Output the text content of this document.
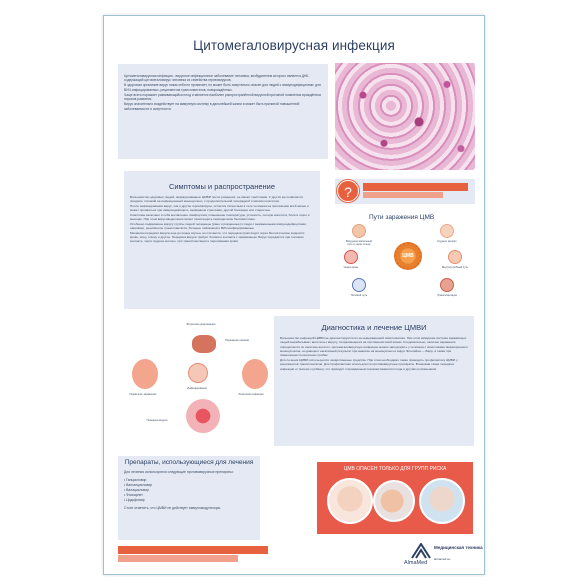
Цитомегаловирусная инфекция

Цитомегаловирусная инфекция - вирусное инфекционное заболевание человека, возбудителем которого является ДНК-содержащий цитомегаловирус человека из семейства герпесвирусов.

В здоровом организме вирус никак себя не проявляет, но может быть смертельно опасен для людей с иммунодефицитами: для ВИЧ-инфицированных, реципиентов трансплантатов, новорождённых.

Чаще всего поражает развивающийся плод и является наиболее распространённой вирусной причиной появления врождённых пороков развития.

Вирус значительно воздействует на иммунную систему в дальнейшей жизни и может быть причиной повышенной заболеваемости и смертности.

?
Симптомы и распространение

Большинство здоровых людей, инфицированных ЦМВИ после рождения, не имеют симптомов. У других же появляется синдром, похожий на инфекционный мононуклеоз, с продолжительной лихорадкой и мягким гепатитом.

После инфицирования вирус, как и другие герпесвирусы, остается латентным в теле человека на протяжении всей жизни и может проявиться при иммунодефиците, вызванном стрессами, другой болезнью или старостью.

Симптомы включают в себя воспаление лимфоузлов, повышение температуры, усталость, потерю аппетита, боли в горле и мышцах. При этом вирусовыделение может происходить периодически бессимптомно.

Особенно подвержены вирусу группы людей: младенцы (рано и рожденные) и люди с выраженными иммунодефицитами, например, реципиенты трансплантатов, больные лейкемией и ВИЧ-инфицированные.

Механизм передачи вируса еще до конца изучен, но считается, что передача происходит через биологические жидкости: кровь, мочу, слюну и другие. Передача вируса требует близкого контакта с заражённым. Вирус передаётся при половом контакте, через грудное молоко, при трансплантации и переливании крови.

Пути заражения ЦМВ
ЦМВ
Воздушно-капельный путь и через слюну
Грудное молоко
Через кровь	Внутриутробный путь
Половой путь	Трансплантация
Вторичная реактивация
Поражение органов
Инфицирование
Первичное заражение
Передача вируса
Латентная инфекция
Диагностика и лечение ЦМВИ

Большинство инфекций ЦМВИ не диагностируется из-за невыраженной симптоматики. При этом иммунная система заражённых людей вырабатывает антитела к вирусу, сохраняющиеся на протяжении всей жизни. Следовательно, наличие заражения определяется по наличию антител. Цитомегаловирусную инфекцию можно заподозрить у человека с симптомами инфекционного мононуклеоза, но дающего негативный результат при анализе на мононуклеоз и вирус Эпштейна — Барр, а также при повышенных печеночных пробах.

Для лечения ЦМВИ используются лекарственные средства. При этом необходимо также проводить профилактику ЦМВИ у реципиентов трансплантатов. Для профилактики используются противовирусные препараты. Возможна также передача инфекции от матери к ребёнку, что приводит к врождённым порокам развития плода и другим осложнениям.

Препараты, использующиеся для лечения
Для лечения используются следующие противовирусные препараты:
• Ганцикловир
• Валганцикловир
• Валацикловир
• Фоскарнет
• Цидофовир
Стоит отметить, что ЦМВИ не действует иммуномодуляторы.
ЦМВ ОПАСЕН ТОЛЬКО ДЛЯ ГРУПП РИСКА
AlmaMed
Медицинская техника
almamed.su
